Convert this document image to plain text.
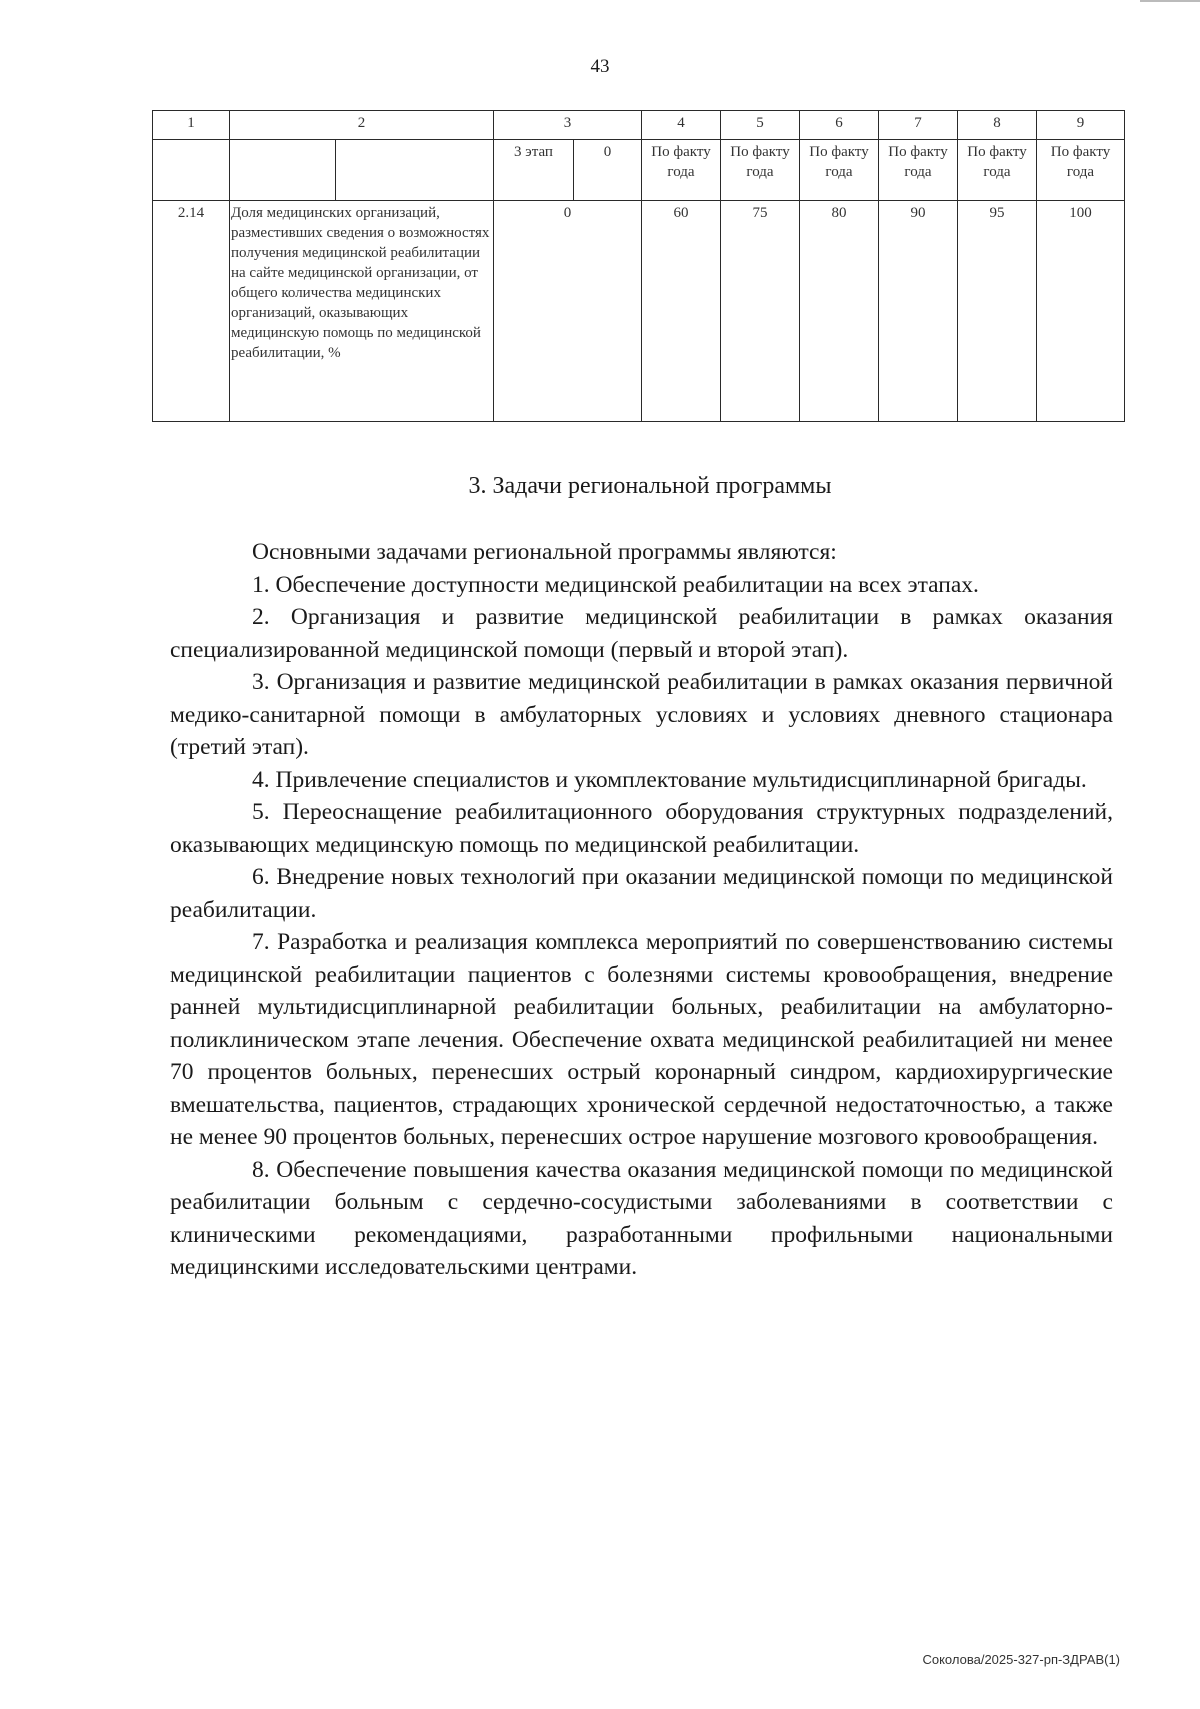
43
1	2		3		4	5	6	7	8	9
			3 этап	0	По факту года	По факту года	По факту года	По факту года	По факту года	По факту года
2.14	Доля медицинских организаций, разместивших сведения о возможностях получения медицинской реабилитации на сайте медицинской организации, от общего количества медицинских организаций, оказывающих медицинскую помощь по медицинской реабилитации, %		0		60	75	80	90	95	100
3. Задачи региональной программы

Основными задачами региональной программы являются:

1. Обеспечение доступности медицинской реабилитации на всех этапах.

2. Организация и развитие медицинской реабилитации в рамках оказания специализированной медицинской помощи (первый и второй этап).

3. Организация и развитие медицинской реабилитации в рамках оказания первичной медико-санитарной помощи в амбулаторных условиях и условиях дневного стационара (третий этап).

4. Привлечение специалистов и укомплектование мультидисциплинарной бригады.

5. Переоснащение реабилитационного оборудования структурных подразделений, оказывающих медицинскую помощь по медицинской реабилитации.

6. Внедрение новых технологий при оказании медицинской помощи по медицинской реабилитации.

7. Разработка и реализация комплекса мероприятий по совершенствованию системы медицинской реабилитации пациентов с болезнями системы кровообращения, внедрение ранней мультидисциплинарной реабилитации больных, реабилитации на амбулаторно-поликлиническом этапе лечения. Обеспечение охвата медицинской реабилитацией ни менее 70 процентов больных, перенесших острый коронарный синдром, кардиохирургические вмешательства, пациентов, страдающих хронической сердечной недостаточностью, а также не менее 90 процентов больных, перенесших острое нарушение мозгового кровообращения.

8. Обеспечение повышения качества оказания медицинской помощи по медицинской реабилитации больным с сердечно-сосудистыми заболеваниями в соответствии с клиническими рекомендациями, разработанными профильными национальными медицинскими исследовательскими центрами.

Соколова/2025-327-рп-ЗДРАВ(1)
